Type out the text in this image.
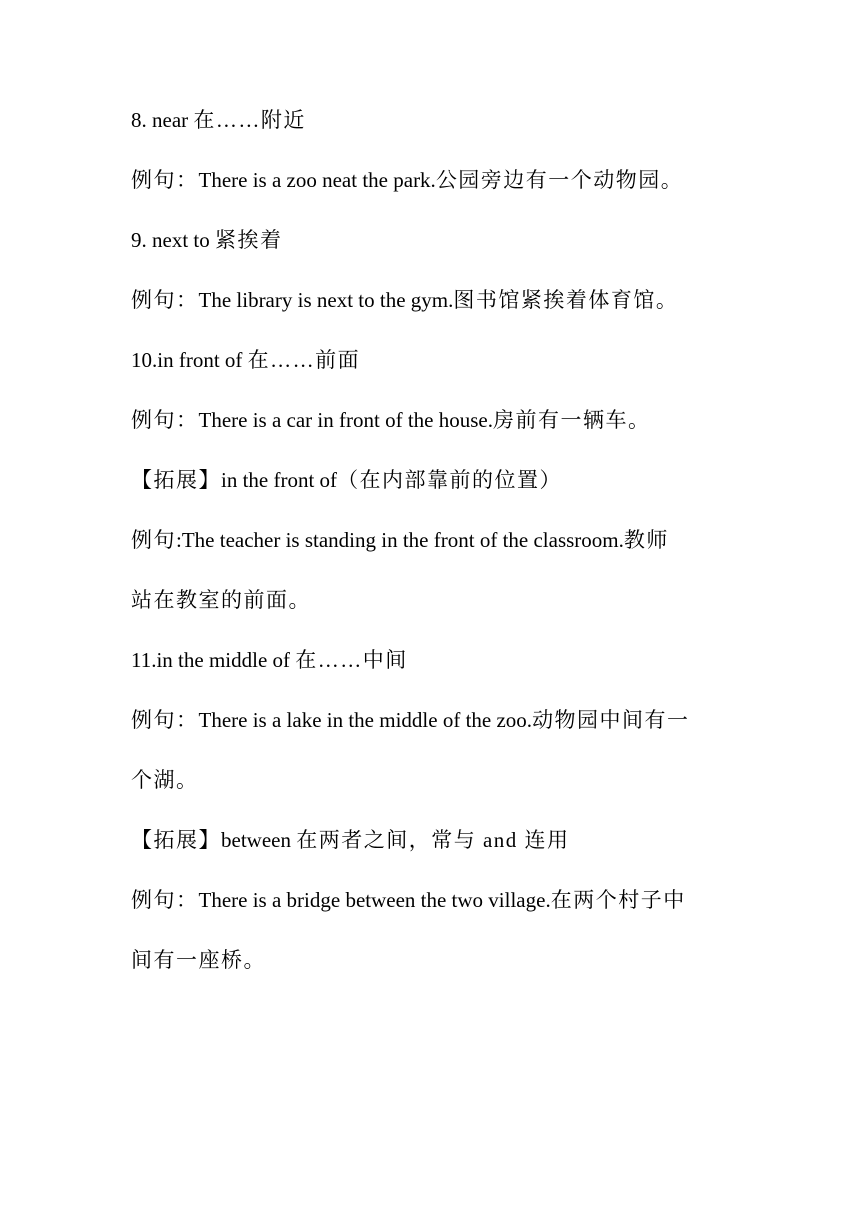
8. near 在……附近
例句：There is a zoo neat the park.公园旁边有一个动物园。
9. next to 紧挨着
例句：The library is next to the gym.图书馆紧挨着体育馆。
10.in front of 在……前面
例句：There is a car in front of the house.房前有一辆车。
【拓展】in the front of（在内部靠前的位置）
例句:The teacher is standing in the front of the classroom.教师
站在教室的前面。
11.in the middle of 在……中间
例句：There is a lake in the middle of the zoo.动物园中间有一
个湖。
【拓展】between 在两者之间，常与 and 连用
例句：There is a bridge between the two village.在两个村子中
间有一座桥。
